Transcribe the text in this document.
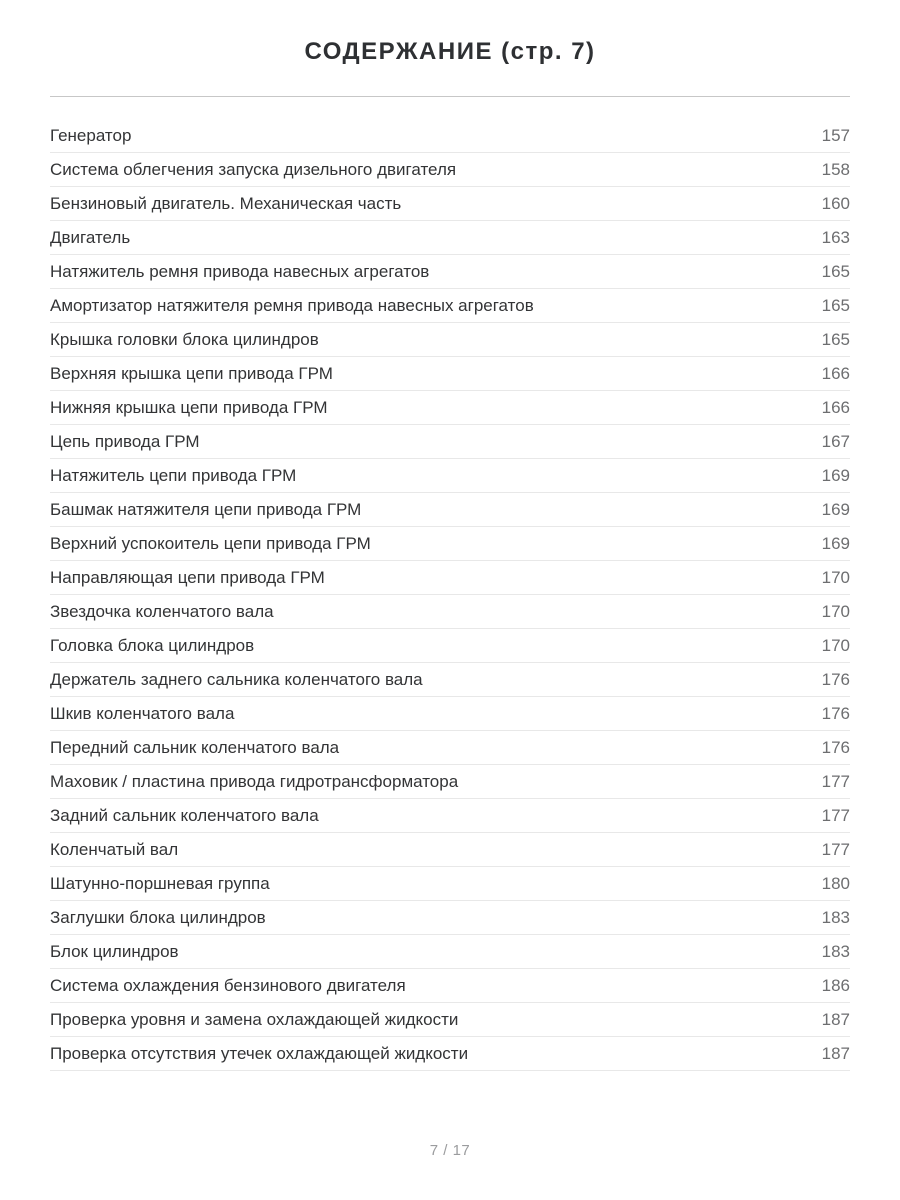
СОДЕРЖАНИЕ (стр. 7)
Генератор	157
Система облегчения запуска дизельного двигателя	158
Бензиновый двигатель. Механическая часть	160
Двигатель	163
Натяжитель ремня привода навесных агрегатов	165
Амортизатор натяжителя ремня привода навесных агрегатов	165
Крышка головки блока цилиндров	165
Верхняя крышка цепи привода ГРМ	166
Нижняя крышка цепи привода ГРМ	166
Цепь привода ГРМ	167
Натяжитель цепи привода ГРМ	169
Башмак натяжителя цепи привода ГРМ	169
Верхний успокоитель цепи привода ГРМ	169
Направляющая цепи привода ГРМ	170
Звездочка коленчатого вала	170
Головка блока цилиндров	170
Держатель заднего сальника коленчатого вала	176
Шкив коленчатого вала	176
Передний сальник коленчатого вала	176
Маховик / пластина привода гидротрансформатора	177
Задний сальник коленчатого вала	177
Коленчатый вал	177
Шатунно-поршневая группа	180
Заглушки блока цилиндров	183
Блок цилиндров	183
Система охлаждения бензинового двигателя	186
Проверка уровня и замена охлаждающей жидкости	187
Проверка отсутствия утечек охлаждающей жидкости	187
7 / 17
